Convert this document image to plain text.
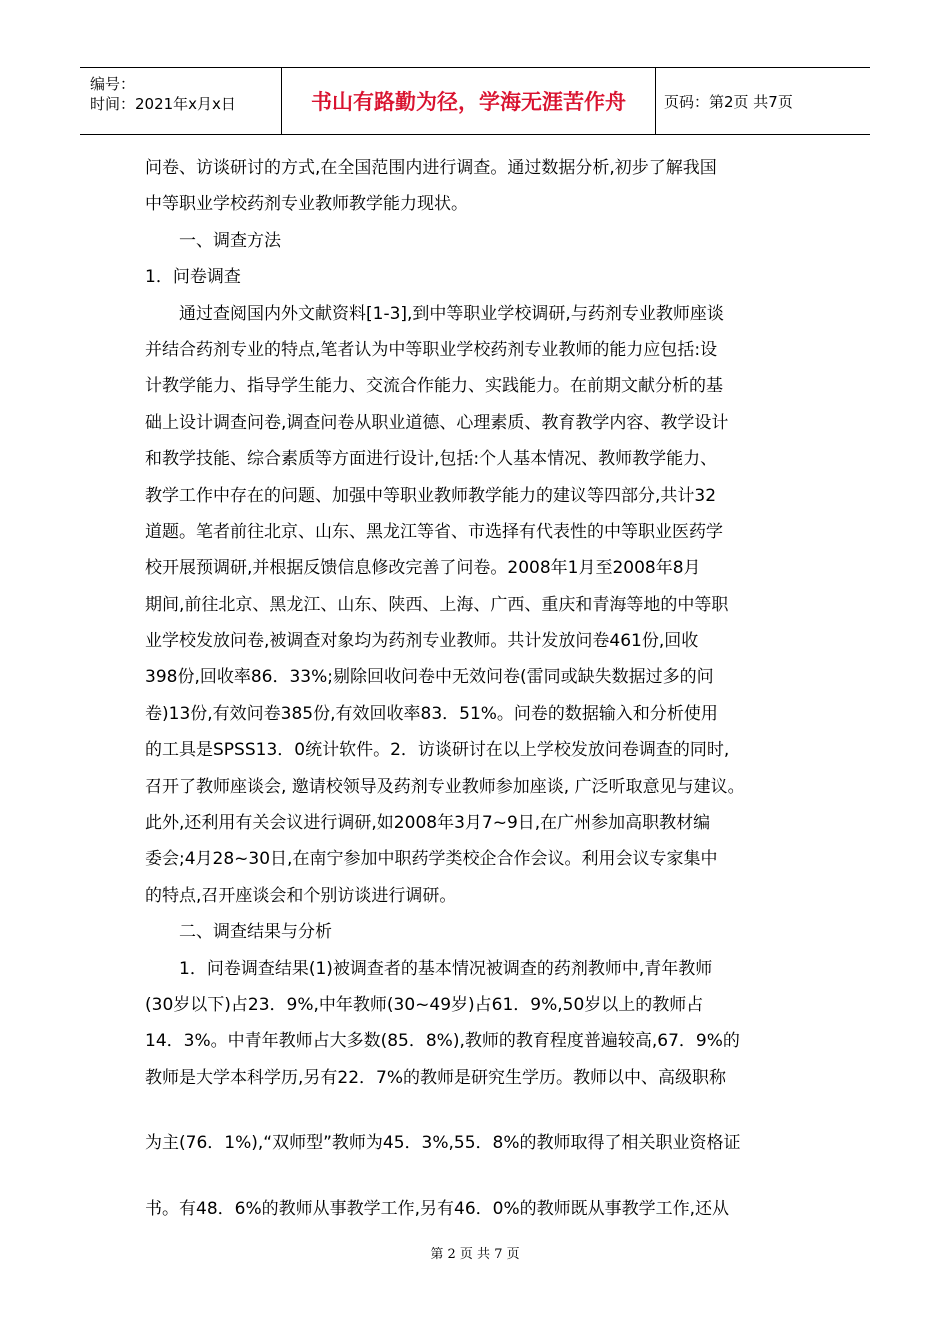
编号：
时间：2021年x月x日	书山有路勤为径，学海无涯苦作舟	页码：第2页 共7页
问卷、访谈研讨的方式,在全国范围内进行调查。通过数据分析,初步了解我国
中等职业学校药剂专业教师教学能力现状。
　　一、调查方法
1．问卷调查
　　通过查阅国内外文献资料[1-3],到中等职业学校调研,与药剂专业教师座谈
并结合药剂专业的特点,笔者认为中等职业学校药剂专业教师的能力应包括:设
计教学能力、指导学生能力、交流合作能力、实践能力。在前期文献分析的基
础上设计调查问卷,调查问卷从职业道德、心理素质、教育教学内容、教学设计
和教学技能、综合素质等方面进行设计,包括:个人基本情况、教师教学能力、
教学工作中存在的问题、加强中等职业教师教学能力的建议等四部分,共计32
道题。笔者前往北京、山东、黑龙江等省、市选择有代表性的中等职业医药学
校开展预调研,并根据反馈信息修改完善了问卷。2008年1月至2008年8月
期间,前往北京、黑龙江、山东、陕西、上海、广西、重庆和青海等地的中等职
业学校发放问卷,被调查对象均为药剂专业教师。共计发放问卷461份,回收
398份,回收率86．33%;剔除回收问卷中无效问卷(雷同或缺失数据过多的问
卷)13份,有效问卷385份,有效回收率83．51%。问卷的数据输入和分析使用
的工具是SPSS13．0统计软件。2．访谈研讨在以上学校发放问卷调查的同时,
召开了教师座谈会, 邀请校领导及药剂专业教师参加座谈, 广泛听取意见与建议。
此外,还利用有关会议进行调研,如2008年3月7~9日,在广州参加高职教材编
委会;4月28~30日,在南宁参加中职药学类校企合作会议。利用会议专家集中
的特点,召开座谈会和个别访谈进行调研。
　　二、调查结果与分析
　　1．问卷调查结果(1)被调查者的基本情况被调查的药剂教师中,青年教师
(30岁以下)占23．9%,中年教师(30~49岁)占61．9%,50岁以上的教师占
14．3%。中青年教师占大多数(85．8%),教师的教育程度普遍较高,67．9%的
教师是大学本科学历,另有22．7%的教师是研究生学历。教师以中、高级职称
为主(76．1%),“双师型”教师为45．3%,55．8%的教师取得了相关职业资格证
书。有48．6%的教师从事教学工作,另有46．0%的教师既从事教学工作,还从
第 2 页 共 7 页
